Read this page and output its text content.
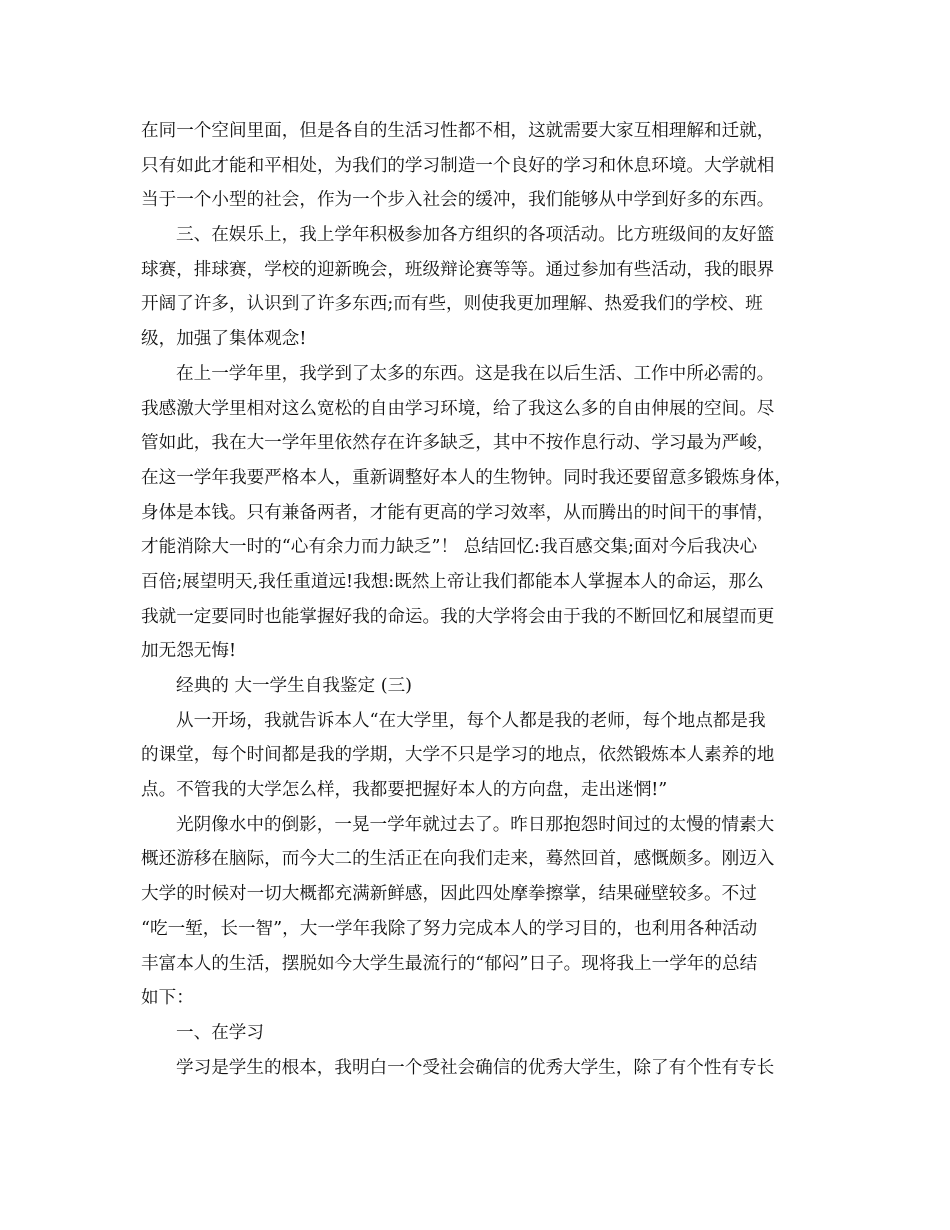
在同一个空间里面，但是各自的生活习性都不相，这就需要大家互相理解和迁就，
只有如此才能和平相处，为我们的学习制造一个良好的学习和休息环境。大学就相
当于一个小型的社会，作为一个步入社会的缓冲，我们能够从中学到好多的东西。
三、在娱乐上，我上学年积极参加各方组织的各项活动。比方班级间的友好篮
球赛，排球赛，学校的迎新晚会，班级辩论赛等等。通过参加有些活动，我的眼界
开阔了许多，认识到了许多东西;而有些，则使我更加理解、热爱我们的学校、班
级，加强了集体观念!
在上一学年里，我学到了太多的东西。这是我在以后生活、工作中所必需的。
我感激大学里相对这么宽松的自由学习环境，给了我这么多的自由伸展的空间。尽
管如此，我在大一学年里依然存在许多缺乏，其中不按作息行动、学习最为严峻，
在这一学年我要严格本人，重新调整好本人的生物钟。同时我还要留意多锻炼身体，
身体是本钱。只有兼备两者，才能有更高的学习效率，从而腾出的时间干的事情，
才能消除大一时的“心有余力而力缺乏”！ 总结回忆:我百感交集;面对今后我决心
百倍;展望明天,我任重道远!我想:既然上帝让我们都能本人掌握本人的命运，那么
我就一定要同时也能掌握好我的命运。我的大学将会由于我的不断回忆和展望而更
加无怨无悔!
经典的 大一学生自我鉴定 (三)
从一开场，我就告诉本人“在大学里，每个人都是我的老师，每个地点都是我
的课堂，每个时间都是我的学期，大学不只是学习的地点，依然锻炼本人素养的地
点。不管我的大学怎么样，我都要把握好本人的方向盘，走出迷惘!”
光阴像水中的倒影，一晃一学年就过去了。昨日那抱怨时间过的太慢的情素大
概还游移在脑际，而今大二的生活正在向我们走来，蓦然回首，感慨颇多。刚迈入
大学的时候对一切大概都充满新鲜感，因此四处摩拳擦掌，结果碰壁较多。不过
“吃一堑，长一智”，大一学年我除了努力完成本人的学习目的，也利用各种活动
丰富本人的生活，摆脱如今大学生最流行的“郁闷”日子。现将我上一学年的总结
如下：
一、在学习
学习是学生的根本，我明白一个受社会确信的优秀大学生，除了有个性有专长
